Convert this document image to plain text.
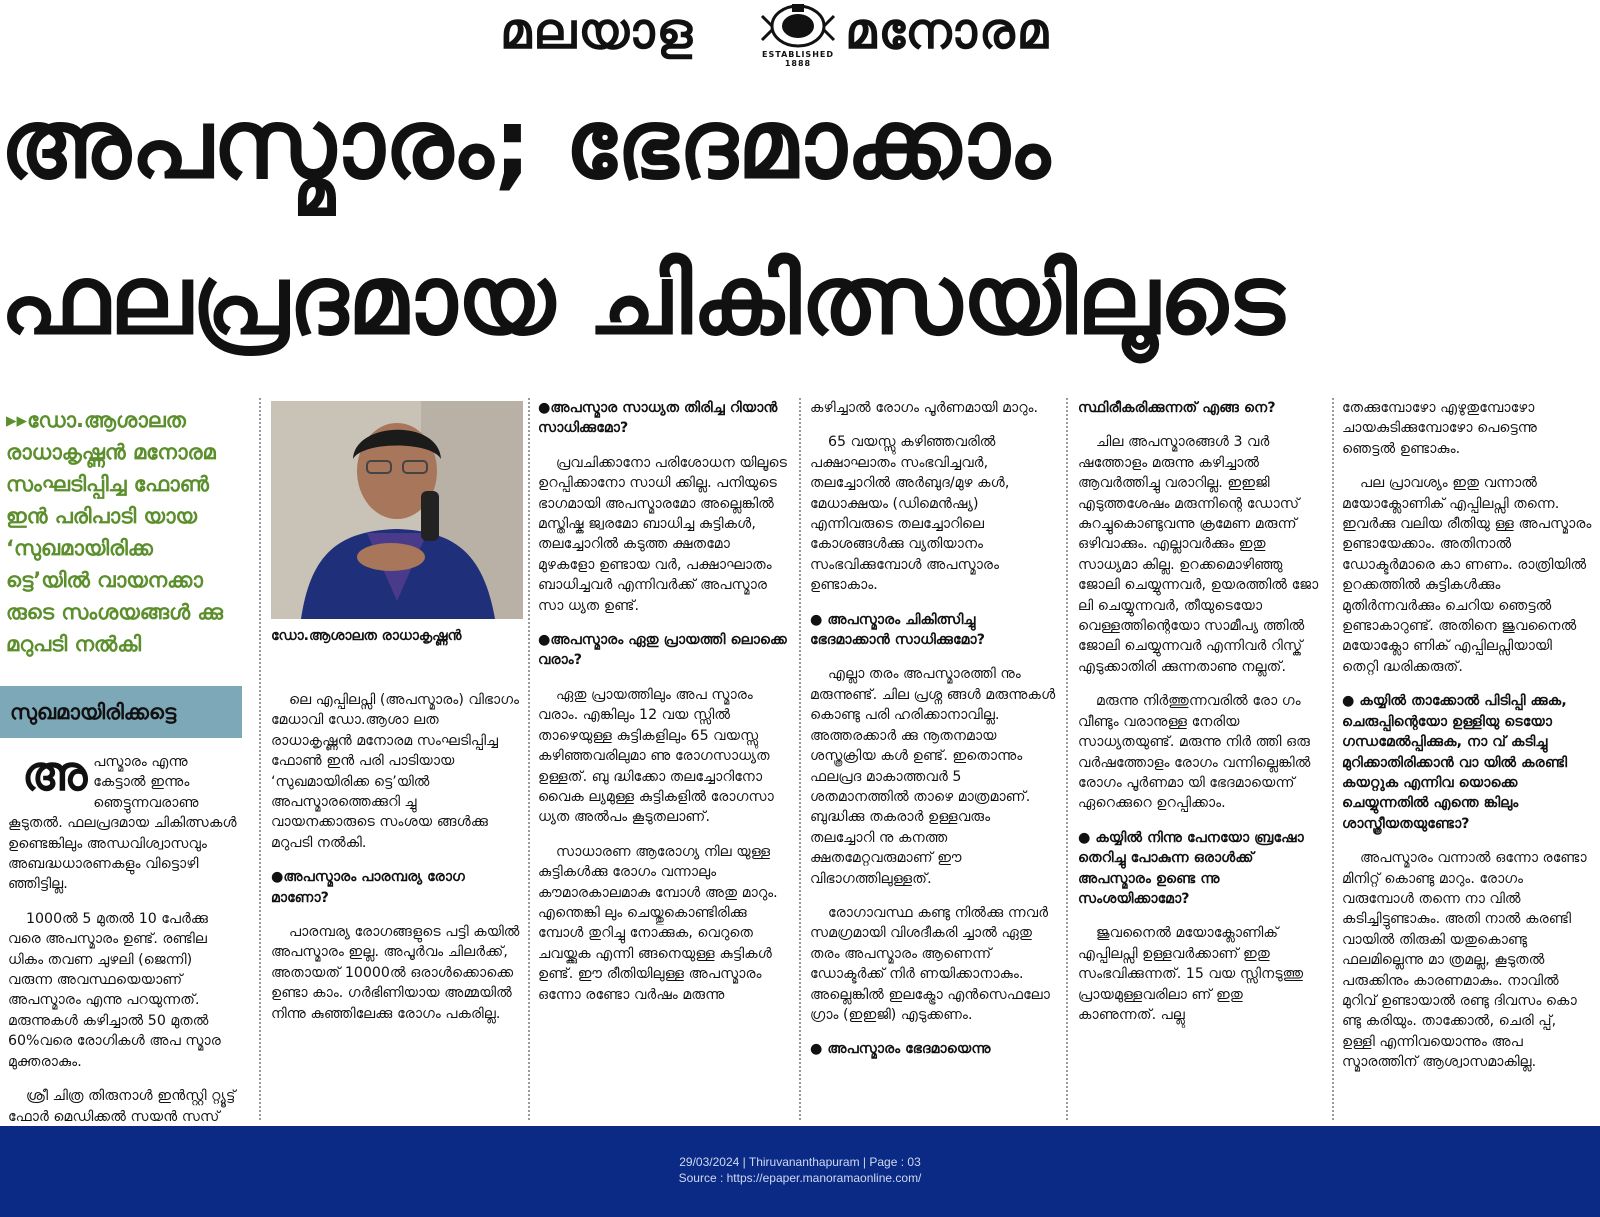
മലയാള	ESTABLISHED 1888
മനോരമ
അപസ്മാരം; ഭേദമാക്കാം
ഫലപ്രദമായ ചികിത്സയിലൂടെ
▸▸ഡോ.ആശാലത രാധാകൃഷ്ണൻ മനോരമ സംഘടിപ്പിച്ച ഫോൺ ഇൻ പരിപാടി യായ ‘സുഖമായിരിക്ക ട്ടെ’യിൽ വായനക്കാ രുടെ സംശയങ്ങൾ ക്കു മറുപടി നൽകി
സുഖമായിരിക്കട്ടെ

അപസ്മാരം എന്നു കേട്ടാൽ ഇന്നും ഞെട്ടുന്നവരാണു കൂടുതൽ. ഫലപ്രദമായ ചികിത്സകൾ ഉണ്ടെങ്കിലും അന്ധവിശ്വാസവും അബദ്ധധാരണകളും വിട്ടൊഴി ഞ്ഞിട്ടില്ല.

1000ൽ 5 മുതൽ 10 പേർക്കു വരെ അപസ്മാരം ഉണ്ട്. രണ്ടില ധികം തവണ ചുഴലി (ജെന്നി) വരുന്ന അവസ്ഥയെയാണ് അപസ്മാരം എന്നു പറയുന്നത്. മരുന്നുകൾ കഴിച്ചാൽ 50 മുതൽ 60%വരെ രോഗികൾ അപ സ്മാര മുക്തരാകും.

ശ്രീ ചിത്ര തിരുനാൾ ഇൻസ്റ്റി റ്റ്യൂട്ട് ഫോർ മെഡിക്കൽ സയൻ സസ്

ഡോ.ആശാലത രാധാകൃഷ്ണൻ

ലെ എപ്പിലപ്സി (അപസ്മാരം) വിഭാഗം മേധാവി ഡോ.ആശാ ലത രാധാകൃഷ്ണൻ മനോരമ സംഘടിപ്പിച്ച ഫോൺ ഇൻ പരി പാടിയായ ‘സുഖമായിരിക്ക ട്ടെ’യിൽ അപസ്മാരത്തെക്കുറി ച്ചു വായനക്കാരുടെ സംശയ ങ്ങൾക്കു മറുപടി നൽകി.

●അപസ്മാരം പാരമ്പര്യ രോഗ മാണോ?

പാരമ്പര്യ രോഗങ്ങളുടെ പട്ടി കയിൽ അപസ്മാരം ഇല്ല. അപൂർവം ചിലർക്ക്, അതായത് 10000ൽ ഒരാൾക്കൊക്കെ ഉണ്ടാ കാം. ഗർഭിണിയായ അമ്മയിൽ നിന്നു കുഞ്ഞിലേക്കു രോഗം പകരില്ല.

●അപസ്മാര സാധ്യത തിരിച്ച റിയാൻ സാധിക്കുമോ?

പ്രവചിക്കാനോ പരിശോധന യിലൂടെ ഉറപ്പിക്കാനോ സാധി ക്കില്ല. പനിയുടെ ഭാഗമായി അപസ്മാരമോ അല്ലെങ്കിൽ മസ്തിഷ്ക ജ്വരമോ ബാധിച്ച കുട്ടികൾ, തലച്ചോറിൽ കടുത്ത ക്ഷതമോ മുഴകളോ ഉണ്ടായ വർ, പക്ഷാഘാതം ബാധിച്ചവർ എന്നിവർക്ക് അപസ്മാര സാ ധ്യത ഉണ്ട്.

●അപസ്മാരം ഏതു പ്രായത്തി ലൊക്കെ വരാം?

ഏതു പ്രായത്തിലും അപ സ്മാരം വരാം. എങ്കിലും 12 വയ സ്സിൽ താഴെയുള്ള കുട്ടികളിലും 65 വയസ്സു കഴിഞ്ഞവരിലുമാ ണു രോഗസാധ്യത ഉള്ളത്. ബു ദ്ധിക്കോ തലച്ചോറിനോ വൈക ല്യമുള്ള കുട്ടികളിൽ രോഗസാ ധ്യത അൽപം കൂടുതലാണ്.

സാധാരണ ആരോഗ്യ നില യുള്ള കുട്ടികൾക്കു രോഗം വന്നാലും കൗമാരകാലമാകു മ്പോൾ അതു മാറും. എന്തെങ്കി ലും ചെയ്തുകൊണ്ടിരിക്കു മ്പോൾ തുറിച്ചു നോക്കുക, വെറുതെ ചവയ്ക്കുക എന്നി ങ്ങനെയുള്ള കുട്ടികൾ ഉണ്ട്. ഈ രീതിയിലുള്ള അപസ്മാരം ഒന്നോ രണ്ടോ വർഷം മരുന്നു

കഴിച്ചാൽ രോഗം പൂർണമായി മാറും.

65 വയസ്സു കഴിഞ്ഞവരിൽ പക്ഷാഘാതം സംഭവിച്ചവർ, തലച്ചോറിൽ അർബുദ/മുഴ കൾ, മേധാക്ഷയം (ഡിമെൻഷ്യ) എന്നിവരുടെ തലച്ചോറിലെ കോശങ്ങൾക്കു വ്യതിയാനം സംഭവിക്കുമ്പോൾ അപസ്മാരം ഉണ്ടാകാം.

● അപസ്മാരം ചികിത്സിച്ചു ഭേദമാക്കാൻ സാധിക്കുമോ?

എല്ലാ തരം അപസ്മാരത്തി നും മരുന്നുണ്ട്. ചില പ്രശ്ന ങ്ങൾ മരുന്നുകൾ കൊണ്ടു പരി ഹരിക്കാനാവില്ല. അത്തരക്കാർ ക്കു നൂതനമായ ശസ്ത്രക്രിയ കൾ ഉണ്ട്. ഇതൊന്നും ഫലപ്രദ മാകാത്തവർ 5 ശതമാനത്തിൽ താഴെ മാത്രമാണ്. ബുദ്ധിക്കു തകരാർ ഉള്ളവരും തലച്ചോറി നു കനത്ത ക്ഷതമേറ്റവരുമാണ് ഈ വിഭാഗത്തിലുള്ളത്.

രോഗാവസ്ഥ കണ്ടു നിൽക്കു ന്നവർ സമഗ്രമായി വിശദീകരി ച്ചാൽ ഏതു തരം അപസ്മാരം ആണെന്ന് ഡോക്ടർക്ക് നിർ ണയിക്കാനാകും. അല്ലെങ്കിൽ ഇലക്ട്രോ എൻസെഫലോ ഗ്രാം (ഇഇജി) എടുക്കണം.

● അപസ്മാരം ഭേദമായെന്നു

സ്ഥിരീകരിക്കുന്നത് എങ്ങ നെ?

ചില അപസ്മാരങ്ങൾ 3 വർ ഷത്തോളം മരുന്നു കഴിച്ചാൽ ആവർത്തിച്ചു വരാറില്ല. ഇഇജി എടുത്തശേഷം മരുന്നിന്റെ ഡോസ് കുറച്ചുകൊണ്ടുവന്നു ക്രമേണ മരുന്ന് ഒഴിവാക്കും. എല്ലാവർക്കും ഇതു സാധ്യമാ കില്ല. ഉറക്കമൊഴിഞ്ഞു ജോലി ചെയ്യുന്നവർ, ഉയരത്തിൽ ജോ ലി ചെയ്യുന്നവർ, തീയുടെയോ വെള്ളത്തിന്റെയോ സാമീപ്യ ത്തിൽ ജോലി ചെയ്യുന്നവർ എന്നിവർ റിസ്ക് എടുക്കാതിരി ക്കുന്നതാണു നല്ലത്.

മരുന്നു നിർത്തുന്നവരിൽ രോ ഗം വീണ്ടും വരാനുള്ള നേരിയ സാധ്യതയുണ്ട്. മരുന്നു നിർ ത്തി ഒരു വർഷത്തോളം രോഗം വന്നില്ലെങ്കിൽ രോഗം പൂർണമാ യി ഭേദമായെന്ന് ഏറെക്കുറെ ഉറപ്പിക്കാം.

● കയ്യിൽ നിന്നു പേനയോ ബ്രഷോ തെറിച്ചു പോകുന്ന ഒരാൾക്ക് അപസ്മാരം ഉണ്ടെ ന്നു സംശയിക്കാമോ?

ജുവനൈൽ മയോക്ലോണിക് എപ്പിലപ്സി ഉള്ളവർക്കാണ് ഇതു സംഭവിക്കുന്നത്. 15 വയ സ്സിനടുത്തു പ്രായമുള്ളവരിലാ ണ് ഇതു കാണുന്നത്. പല്ലു

തേക്കുമ്പോഴോ എഴുതുമ്പോഴോ ചായകുടിക്കുമ്പോഴോ പെട്ടെന്നു ഞെട്ടൽ ഉണ്ടാകും.

പല പ്രാവശ്യം ഇതു വന്നാൽ മയോക്ലോണിക് എപ്പിലപ്സി തന്നെ. ഇവർക്കു വലിയ രീതിയു ള്ള അപസ്മാരം ഉണ്ടായേക്കാം. അതിനാൽ ഡോക്ടർമാരെ കാ ണണം. രാത്രിയിൽ ഉറക്കത്തിൽ കുട്ടികൾക്കും മുതിർന്നവർക്കും ചെറിയ ഞെട്ടൽ ഉണ്ടാകാറുണ്ട്. അതിനെ ജുവനൈൽ മയോക്ലോ ണിക് എപ്പിലപ്സിയായി തെറ്റി ദ്ധരിക്കരുത്.

● കയ്യിൽ താക്കോൽ പിടിപ്പി ക്കുക, ചെരുപ്പിന്റെയോ ഉള്ളിയു ടെയോ ഗന്ധമേൽപ്പിക്കുക, നാ വ് കടിച്ചു മുറിക്കാതിരിക്കാൻ വാ യിൽ കരണ്ടി കയറ്റുക എന്നിവ യൊക്കെ ചെയ്യുന്നതിൽ എന്തെ ങ്കിലും ശാസ്ത്രീയതയുണ്ടോ?

അപസ്മാരം വന്നാൽ ഒന്നോ രണ്ടോ മിനിറ്റ് കൊണ്ടു മാറും. രോഗം വരുമ്പോൾ തന്നെ നാ വിൽ കടിച്ചിട്ടുണ്ടാകും. അതി നാൽ കരണ്ടി വായിൽ തിരുകി യതുകൊണ്ടു ഫലമില്ലെന്നു മാ ത്രമല്ല, കൂടുതൽ പരുക്കിനും കാരണമാകും. നാവിൽ മുറിവ് ഉണ്ടായാൽ രണ്ടു ദിവസം കൊ ണ്ടു കരിയും. താക്കോൽ, ചെരി പ്പ്, ഉള്ളി എന്നിവയൊന്നും അപ സ്മാരത്തിന് ആശ്വാസമാകില്ല.

29/03/2024 | Thiruvananthapuram | Page : 03
Source : https://epaper.manoramaonline.com/
